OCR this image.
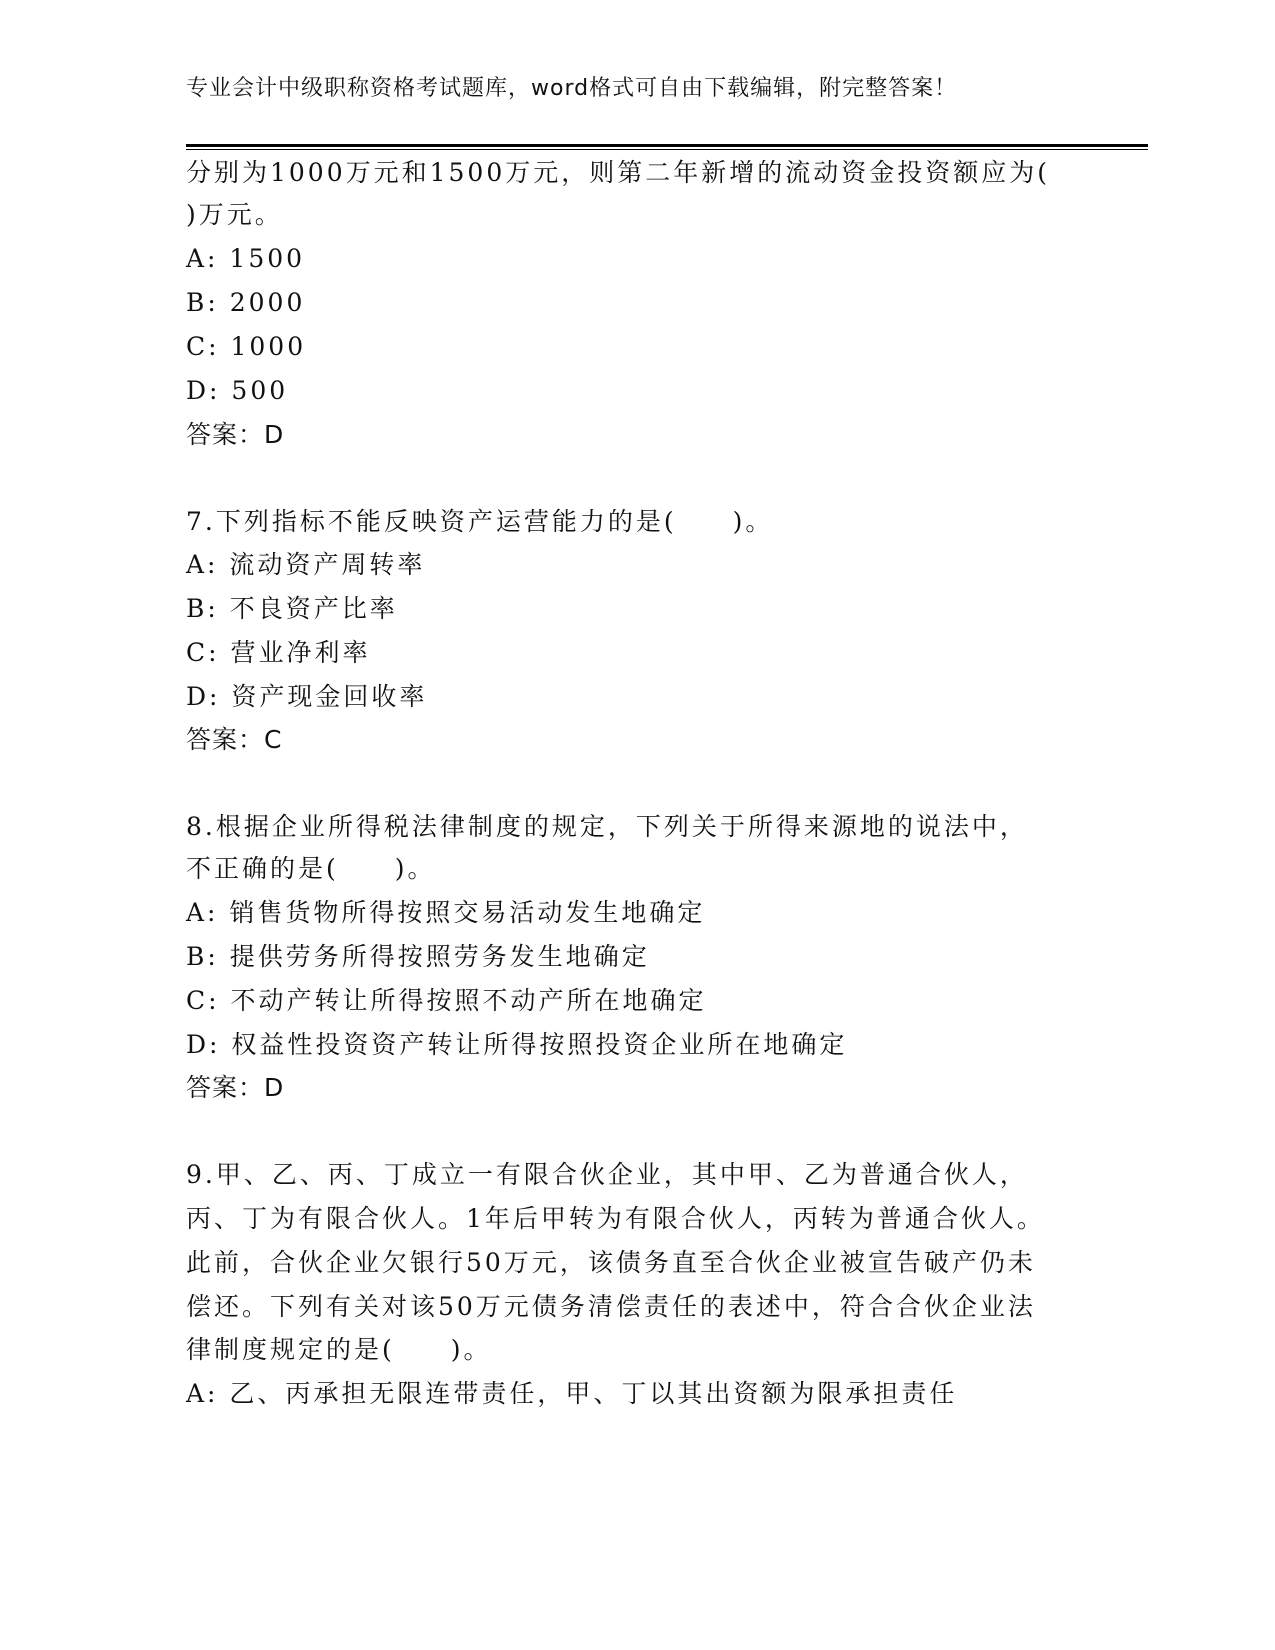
专业会计中级职称资格考试题库，word格式可自由下载编辑，附完整答案！
分别为1000万元和1500万元，则第二年新增的流动资金投资额应为(
)万元。
A: 1500
B: 2000
C: 1000
D: 500
答案：D
7.下列指标不能反映资产运营能力的是(　　)。
A: 流动资产周转率
B: 不良资产比率
C: 营业净利率
D: 资产现金回收率
答案：C
8.根据企业所得税法律制度的规定，下列关于所得来源地的说法中，
不正确的是(　　)。
A: 销售货物所得按照交易活动发生地确定
B: 提供劳务所得按照劳务发生地确定
C: 不动产转让所得按照不动产所在地确定
D: 权益性投资资产转让所得按照投资企业所在地确定
答案：D
9.甲、乙、丙、丁成立一有限合伙企业，其中甲、乙为普通合伙人，
丙、丁为有限合伙人。1年后甲转为有限合伙人，丙转为普通合伙人。
此前，合伙企业欠银行50万元，该债务直至合伙企业被宣告破产仍未
偿还。下列有关对该50万元债务清偿责任的表述中，符合合伙企业法
律制度规定的是(　　)。
A: 乙、丙承担无限连带责任，甲、丁以其出资额为限承担责任
